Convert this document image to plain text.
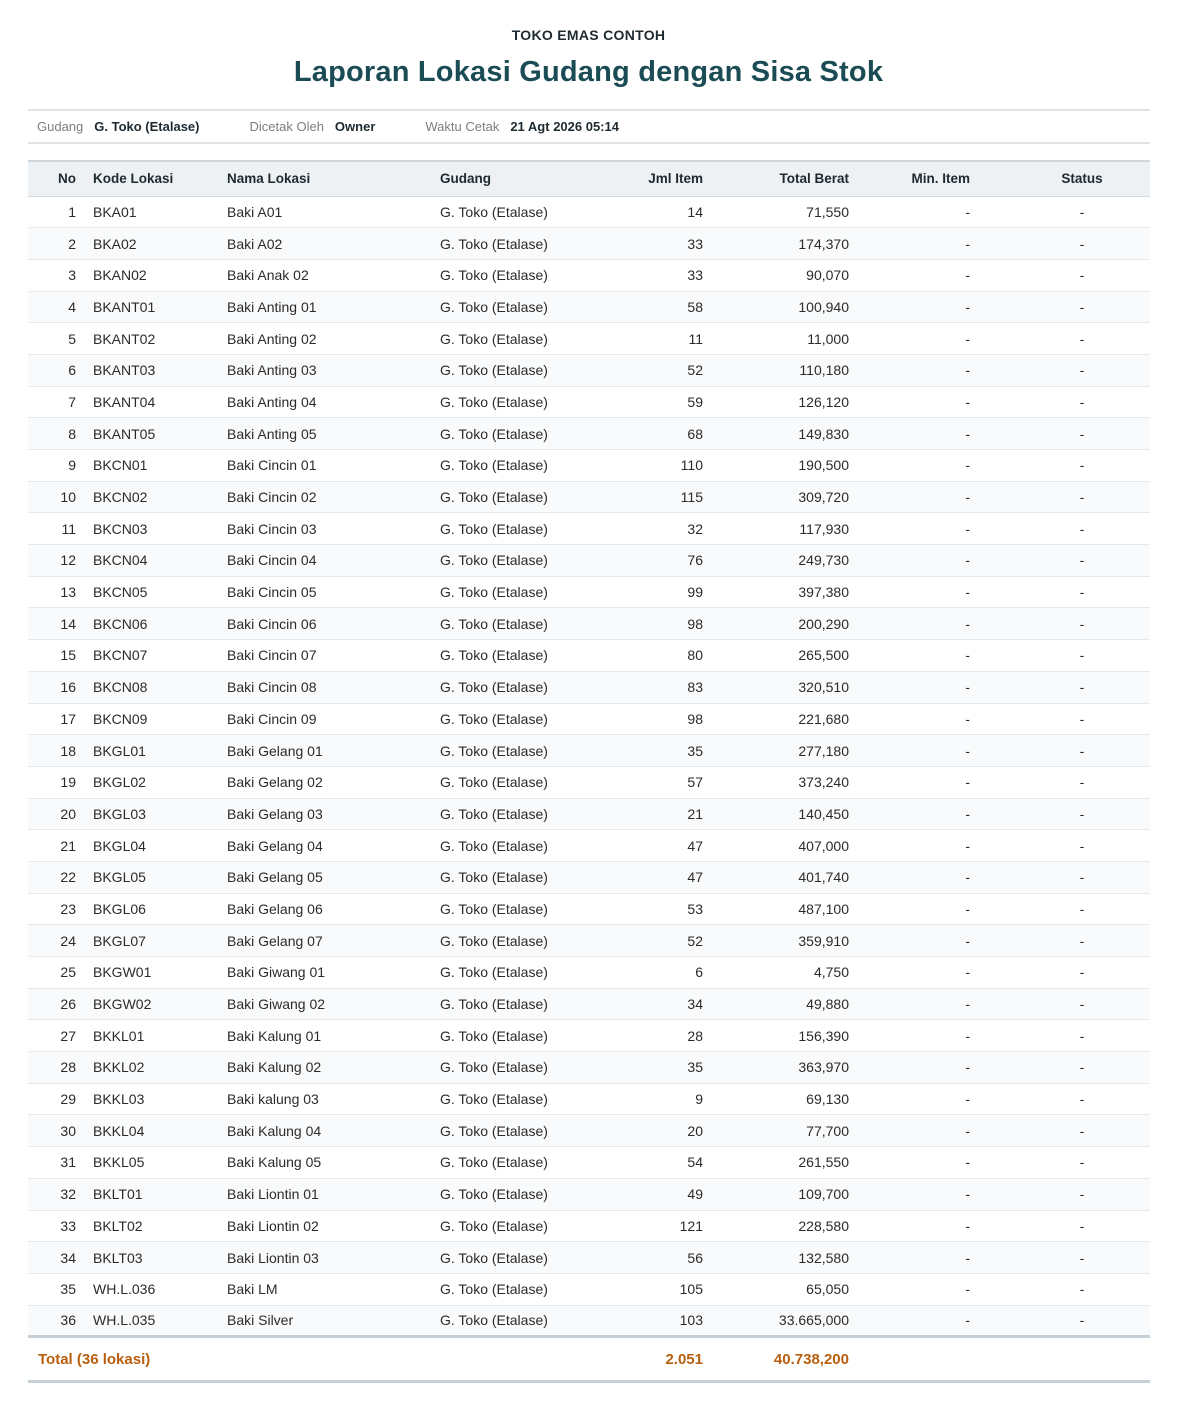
TOKO EMAS CONTOH
Laporan Lokasi Gudang dengan Sisa Stok
Gudang G. Toko (Etalase)	Dicetak Oleh Owner	Waktu Cetak 21 Agt 2026 05:14
No	Kode Lokasi	Nama Lokasi	Gudang	Jml Item	Total Berat	Min. Item	Status
1	BKA01	Baki A01	G. Toko (Etalase)	14	71,550	-	-
2	BKA02	Baki A02	G. Toko (Etalase)	33	174,370	-	-
3	BKAN02	Baki Anak 02	G. Toko (Etalase)	33	90,070	-	-
4	BKANT01	Baki Anting 01	G. Toko (Etalase)	58	100,940	-	-
5	BKANT02	Baki Anting 02	G. Toko (Etalase)	11	11,000	-	-
6	BKANT03	Baki Anting 03	G. Toko (Etalase)	52	110,180	-	-
7	BKANT04	Baki Anting 04	G. Toko (Etalase)	59	126,120	-	-
8	BKANT05	Baki Anting 05	G. Toko (Etalase)	68	149,830	-	-
9	BKCN01	Baki Cincin 01	G. Toko (Etalase)	110	190,500	-	-
10	BKCN02	Baki Cincin 02	G. Toko (Etalase)	115	309,720	-	-
11	BKCN03	Baki Cincin 03	G. Toko (Etalase)	32	117,930	-	-
12	BKCN04	Baki Cincin 04	G. Toko (Etalase)	76	249,730	-	-
13	BKCN05	Baki Cincin 05	G. Toko (Etalase)	99	397,380	-	-
14	BKCN06	Baki Cincin 06	G. Toko (Etalase)	98	200,290	-	-
15	BKCN07	Baki Cincin 07	G. Toko (Etalase)	80	265,500	-	-
16	BKCN08	Baki Cincin 08	G. Toko (Etalase)	83	320,510	-	-
17	BKCN09	Baki Cincin 09	G. Toko (Etalase)	98	221,680	-	-
18	BKGL01	Baki Gelang 01	G. Toko (Etalase)	35	277,180	-	-
19	BKGL02	Baki Gelang 02	G. Toko (Etalase)	57	373,240	-	-
20	BKGL03	Baki Gelang 03	G. Toko (Etalase)	21	140,450	-	-
21	BKGL04	Baki Gelang 04	G. Toko (Etalase)	47	407,000	-	-
22	BKGL05	Baki Gelang 05	G. Toko (Etalase)	47	401,740	-	-
23	BKGL06	Baki Gelang 06	G. Toko (Etalase)	53	487,100	-	-
24	BKGL07	Baki Gelang 07	G. Toko (Etalase)	52	359,910	-	-
25	BKGW01	Baki Giwang 01	G. Toko (Etalase)	6	4,750	-	-
26	BKGW02	Baki Giwang 02	G. Toko (Etalase)	34	49,880	-	-
27	BKKL01	Baki Kalung 01	G. Toko (Etalase)	28	156,390	-	-
28	BKKL02	Baki Kalung 02	G. Toko (Etalase)	35	363,970	-	-
29	BKKL03	Baki kalung 03	G. Toko (Etalase)	9	69,130	-	-
30	BKKL04	Baki Kalung 04	G. Toko (Etalase)	20	77,700	-	-
31	BKKL05	Baki Kalung 05	G. Toko (Etalase)	54	261,550	-	-
32	BKLT01	Baki Liontin 01	G. Toko (Etalase)	49	109,700	-	-
33	BKLT02	Baki Liontin 02	G. Toko (Etalase)	121	228,580	-	-
34	BKLT03	Baki Liontin 03	G. Toko (Etalase)	56	132,580	-	-
35	WH.L.036	Baki LM	G. Toko (Etalase)	105	65,050	-	-
36	WH.L.035	Baki Silver	G. Toko (Etalase)	103	33.665,000	-	-
Total (36 lokasi)				2.051	40.738,200		
